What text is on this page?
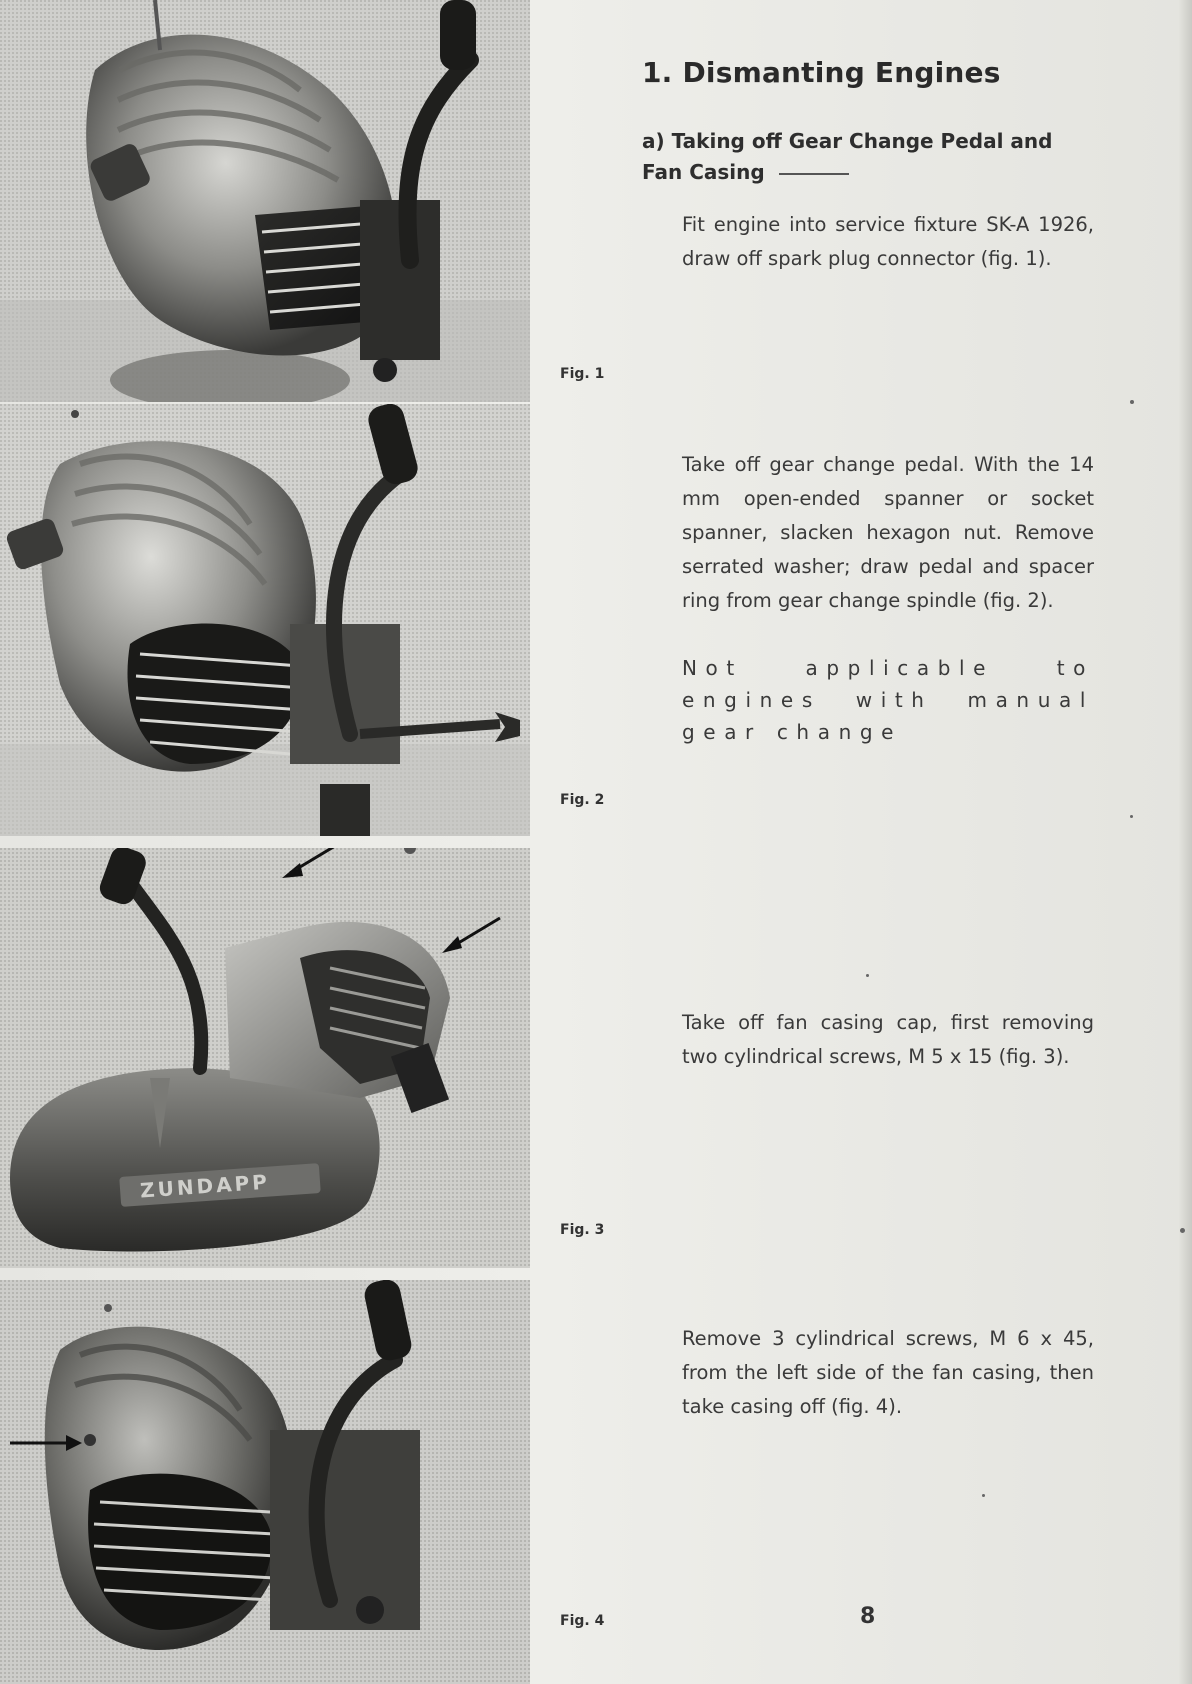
ZUNDAPP
1. Dismanting Engines
a) Taking off Gear Change Pedal and Fan Casing
Fit engine into service fixture SK-A 1926, draw off spark plug connector (fig. 1).
Take off gear change pedal. With the 14 mm open-ended spanner or socket spanner, slacken hexagon nut. Remove serrated washer; draw pedal and spacer ring from gear change spindle (fig. 2).
Not applicable to engines with manual gear change
Take off fan casing cap, first removing two cylindrical screws, M 5 x 15 (fig. 3).
Remove 3 cylindrical screws, M 6 x 45, from the left side of the fan casing, then take casing off (fig. 4).
Fig. 1
Fig. 2
Fig. 3
Fig. 4	8
